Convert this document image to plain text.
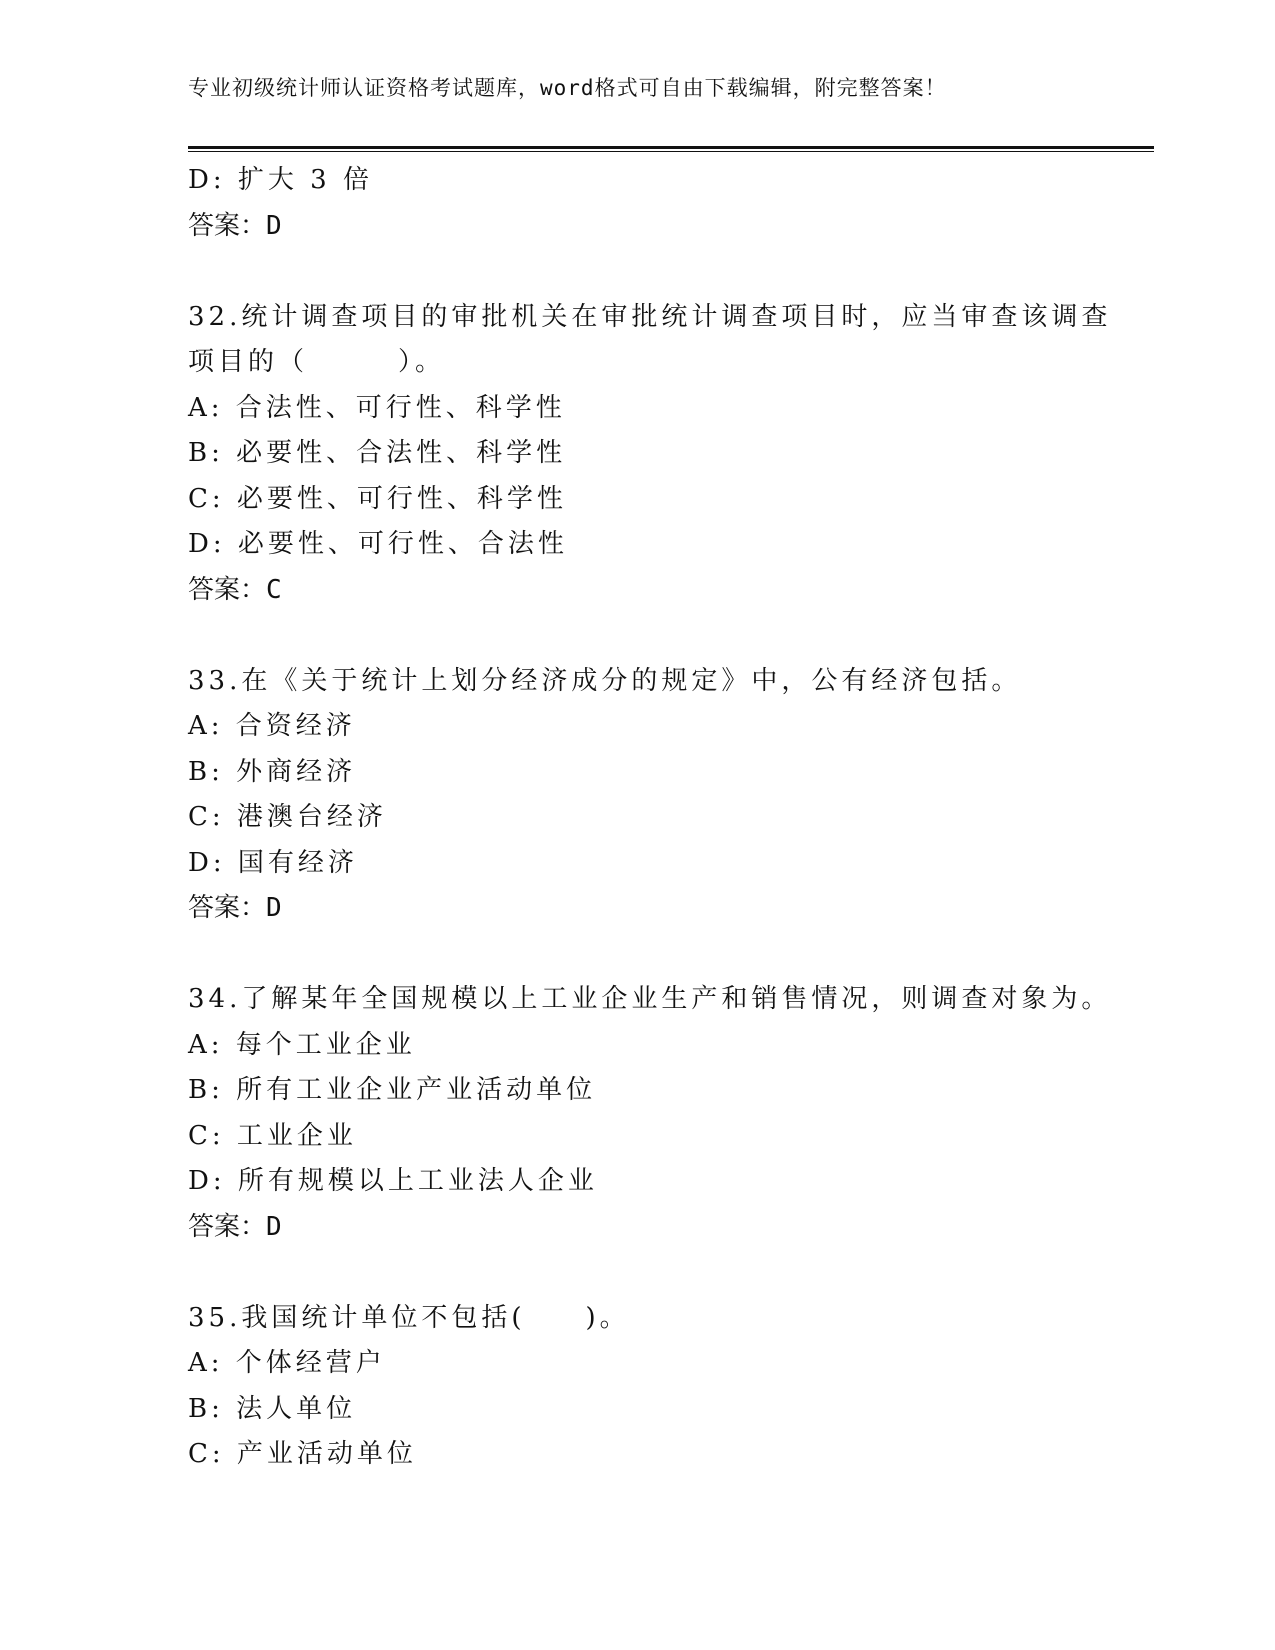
专业初级统计师认证资格考试题库，word格式可自由下载编辑，附完整答案！
D: 扩大 3 倍
答案：D
32.统计调查项目的审批机关在审批统计调查项目时，应当审查该调查
项目的（　　　）。
A: 合法性、可行性、科学性
B: 必要性、合法性、科学性
C: 必要性、可行性、科学性
D: 必要性、可行性、合法性
答案：C
33.在《关于统计上划分经济成分的规定》中，公有经济包括。
A: 合资经济
B: 外商经济
C: 港澳台经济
D: 国有经济
答案：D
34.了解某年全国规模以上工业企业生产和销售情况，则调查对象为。
A: 每个工业企业
B: 所有工业企业产业活动单位
C: 工业企业
D: 所有规模以上工业法人企业
答案：D
35.我国统计单位不包括(　　)。
A: 个体经营户
B: 法人单位
C: 产业活动单位
